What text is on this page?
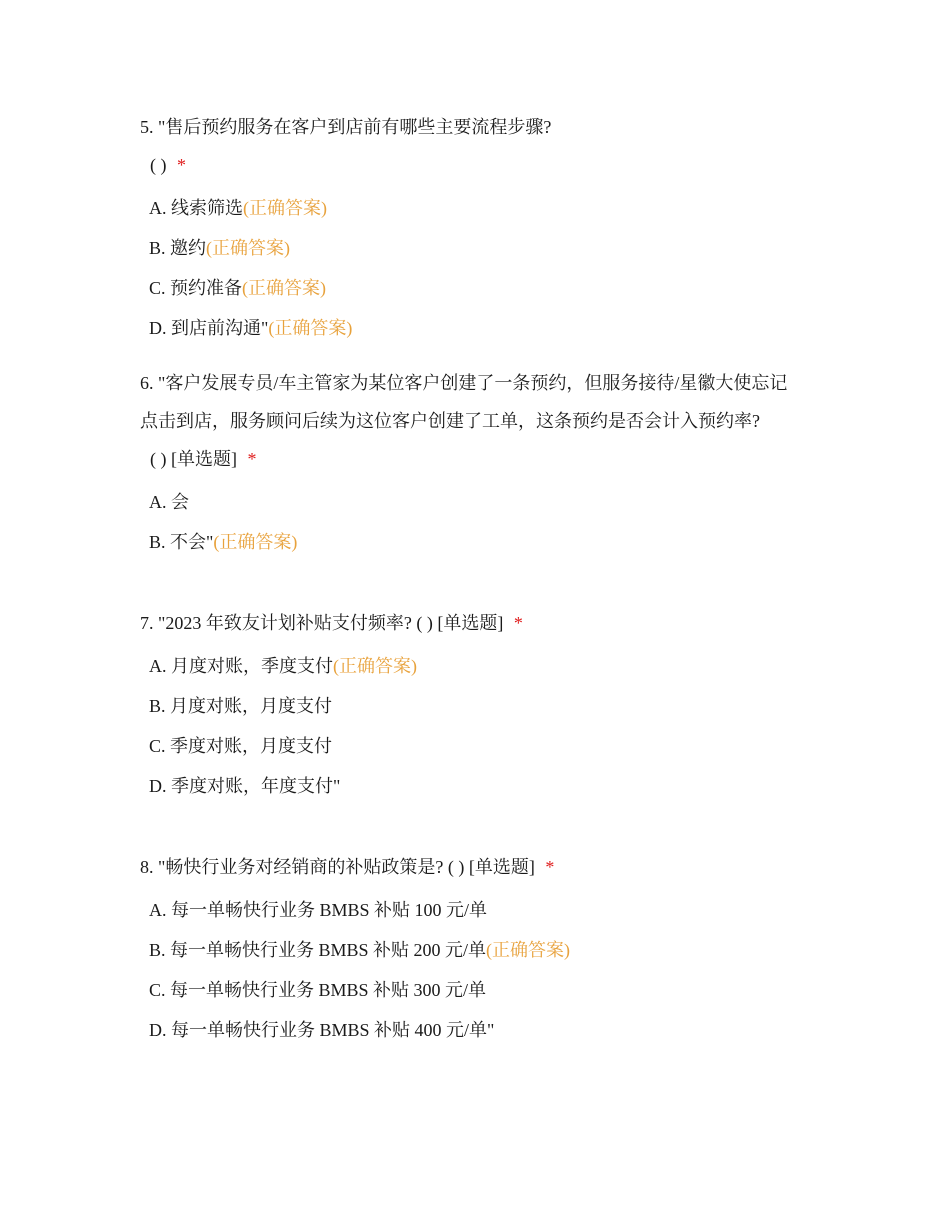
5. "售后预约服务在客户到店前有哪些主要流程步骤?

( ) *

A. 线索筛选(正确答案)
B. 邀约(正确答案)
C. 预约准备(正确答案)
D. 到店前沟通"(正确答案)

6. "客户发展专员/车主管家为某位客户创建了一条预约，但服务接待/星徽大使忘记
点击到店，服务顾问后续为这位客户创建了工单，这条预约是否会计入预约率?

( ) [单选题] *

A. 会
B. 不会"(正确答案)

7. "2023 年致友计划补贴支付频率? ( ) [单选题] *

A. 月度对账，季度支付(正确答案)
B. 月度对账，月度支付
C. 季度对账，月度支付
D. 季度对账，年度支付"

8. "畅快行业务对经销商的补贴政策是? ( ) [单选题] *

A. 每一单畅快行业务 BMBS 补贴 100 元/单
B. 每一单畅快行业务 BMBS 补贴 200 元/单(正确答案)
C. 每一单畅快行业务 BMBS 补贴 300 元/单
D. 每一单畅快行业务 BMBS 补贴 400 元/单"
